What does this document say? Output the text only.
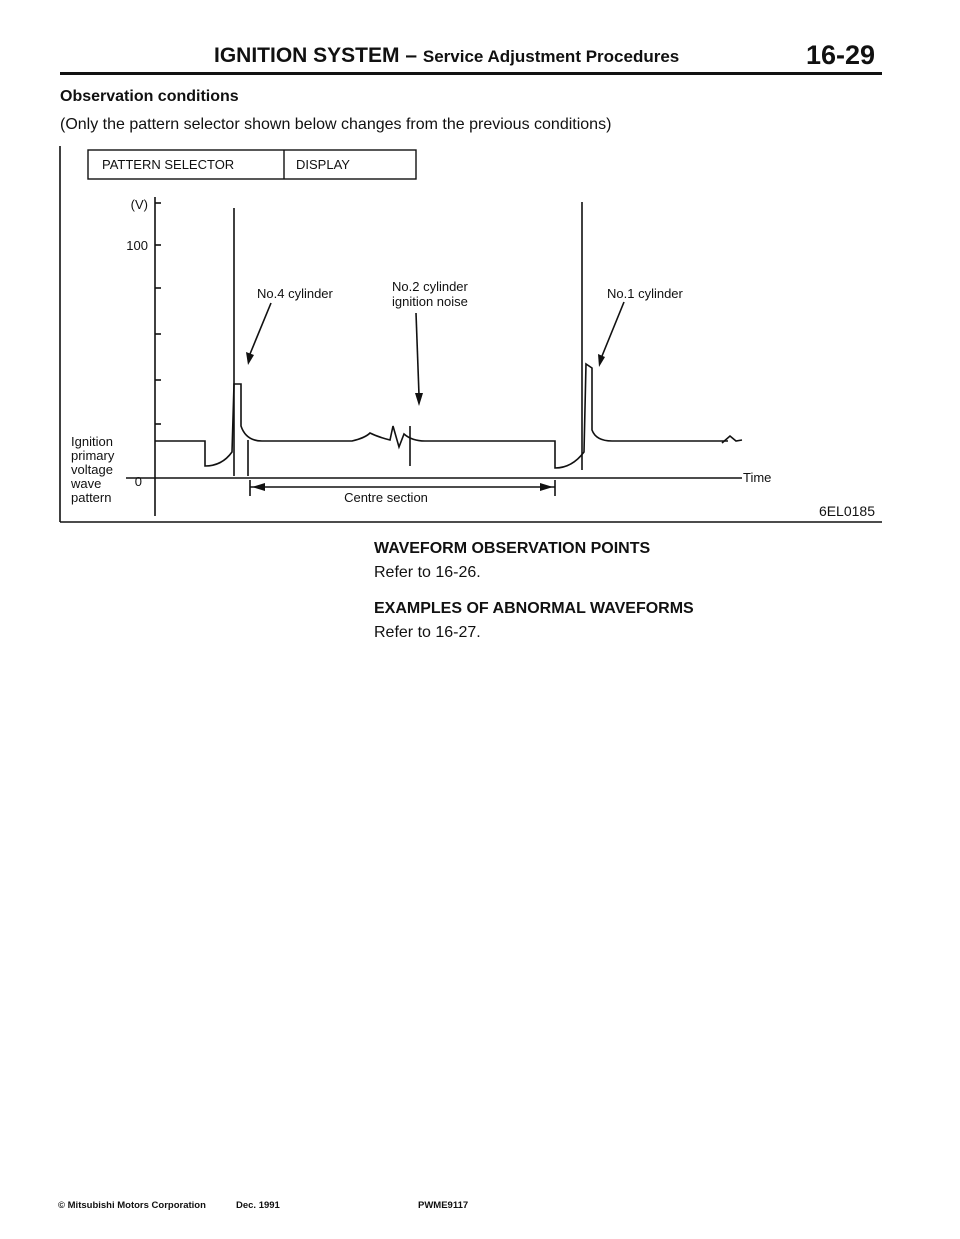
IGNITION SYSTEM – Service Adjustment Procedures	16-29
Observation conditions
(Only the pattern selector shown below changes from the previous conditions)
PATTERN SELECTOR	DISPLAY
(V)
100
0
Ignition
primary
voltage
wave
pattern
Time
No.4 cylinder	No.2 cylinder
ignition noise
No.1 cylinder
Centre section
6EL0185
WAVEFORM OBSERVATION POINTS
Refer to 16-26.
EXAMPLES OF ABNORMAL WAVEFORMS
Refer to 16-27.
© Mitsubishi Motors Corporation	Dec. 1991	PWME9117
